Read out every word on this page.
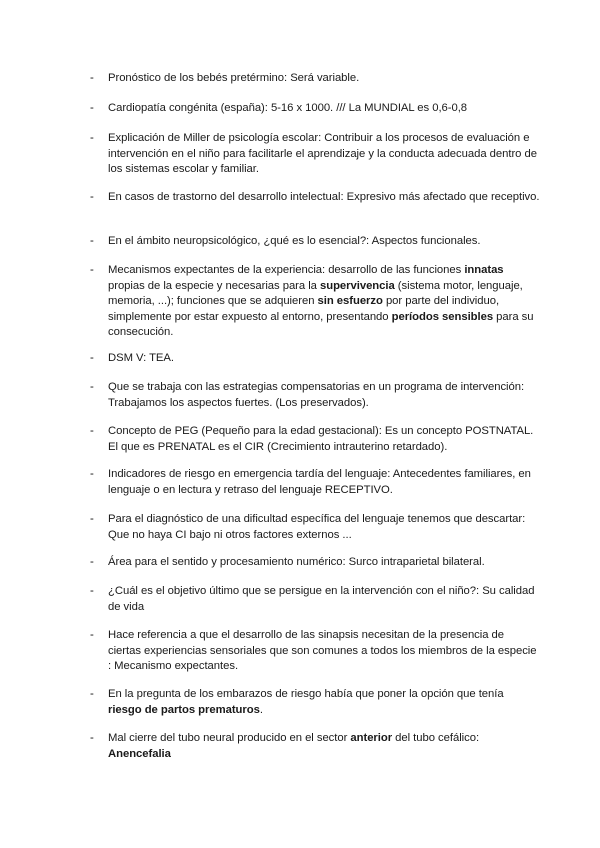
- Pronóstico de los bebés pretérmino: Será variable.
- Cardiopatía congénita (españa): 5-16 x 1000. /// La MUNDIAL es 0,6-0,8
- Explicación de Miller de psicología escolar: Contribuir a los procesos de evaluación e intervención en el niño para facilitarle el aprendizaje y la conducta adecuada dentro de los sistemas escolar y familiar.
- En casos de trastorno del desarrollo intelectual: Expresivo más afectado que receptivo.
- En el ámbito neuropsicológico, ¿qué es lo esencial?: Aspectos funcionales.
- Mecanismos expectantes de la experiencia: desarrollo de las funciones innatas propias de la especie y necesarias para la supervivencia (sistema motor, lenguaje, memoria, ...); funciones que se adquieren sin esfuerzo por parte del individuo, simplemente por estar expuesto al entorno, presentando períodos sensibles para su consecución.
- DSM V: TEA.
- Que se trabaja con las estrategias compensatorias en un programa de intervención: Trabajamos los aspectos fuertes. (Los preservados).
- Concepto de PEG (Pequeño para la edad gestacional): Es un concepto POSTNATAL. El que es PRENATAL es el CIR (Crecimiento intrauterino retardado).
- Indicadores de riesgo en emergencia tardía del lenguaje: Antecedentes familiares, en lenguaje o en lectura y retraso del lenguaje RECEPTIVO.
- Para el diagnóstico de una dificultad específica del lenguaje tenemos que descartar: Que no haya CI bajo ni otros factores externos ...
- Área para el sentido y procesamiento numérico: Surco intraparietal bilateral.
- ¿Cuál es el objetivo último que se persigue en la intervención con el niño?: Su calidad de vida
- Hace referencia a que el desarrollo de las sinapsis necesitan de la presencia de ciertas experiencias sensoriales que son comunes a todos los miembros de la especie : Mecanismo expectantes.
- En la pregunta de los embarazos de riesgo había que poner la opción que tenía riesgo de partos prematuros.
- Mal cierre del tubo neural producido en el sector anterior del tubo cefálico: Anencefalia
